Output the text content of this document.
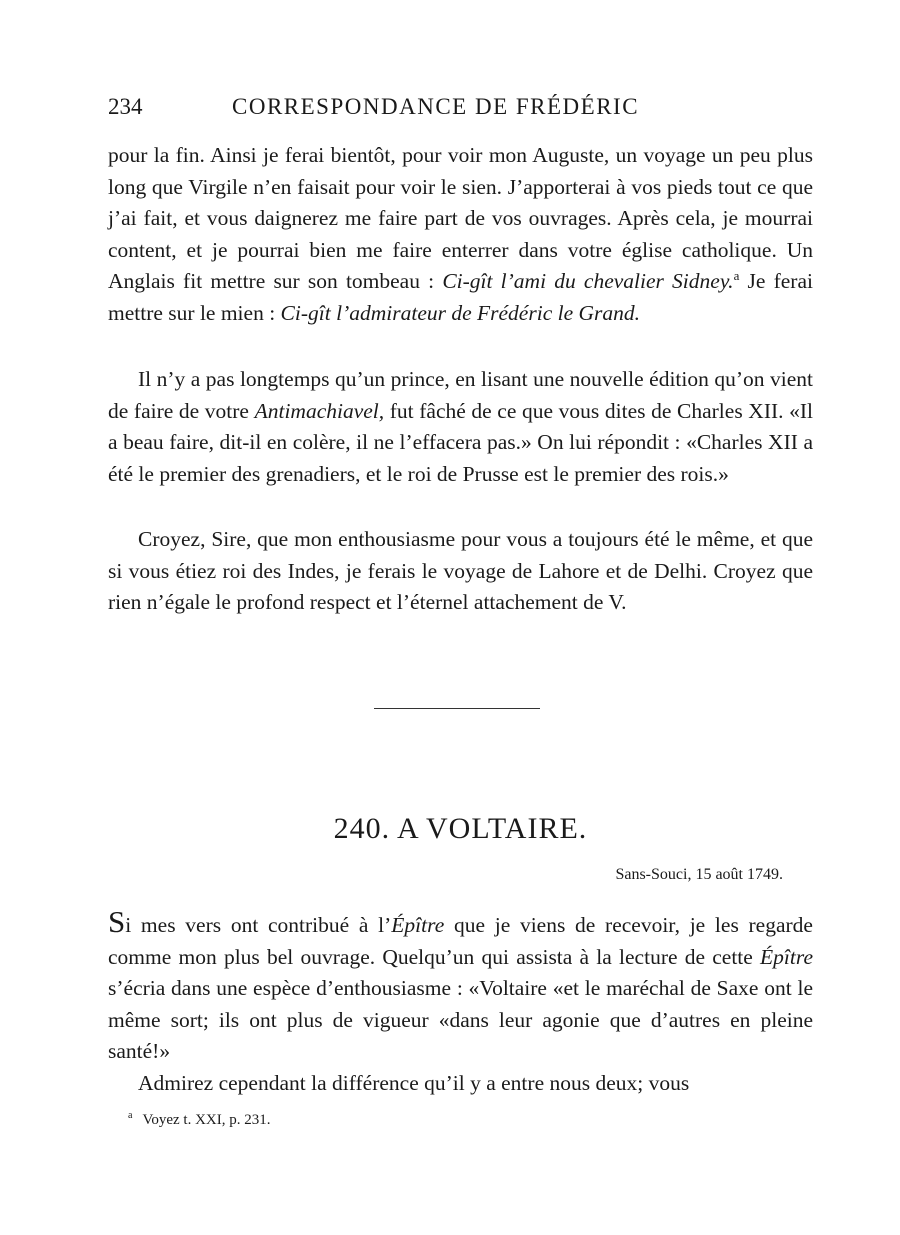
234	CORRESPONDANCE DE FRÉDÉRIC
pour la fin. Ainsi je ferai bientôt, pour voir mon Auguste, un voyage un peu plus long que Virgile n’en faisait pour voir le sien. J’apporterai à vos pieds tout ce que j’ai fait, et vous daignerez me faire part de vos ouvrages. Après cela, je mourrai content, et je pourrai bien me faire enterrer dans votre église catholique. Un Anglais fit mettre sur son tombeau : Ci-gît l’ami du chevalier Sidney.$^a$ Je ferai mettre sur le mien : Ci-gît l’admirateur de Frédéric le Grand.
Il n’y a pas longtemps qu’un prince, en lisant une nouvelle édition qu’on vient de faire de votre Antimachiavel, fut fâché de ce que vous dites de Charles XII. «Il a beau faire, dit-il en colère, il ne l’effacera pas.» On lui répondit : «Charles XII a été le premier des grenadiers, et le roi de Prusse est le premier des rois.»
Croyez, Sire, que mon enthousiasme pour vous a toujours été le même, et que si vous étiez roi des Indes, je ferais le voyage de Lahore et de Delhi. Croyez que rien n’égale le profond respect et l’éternel attachement de V.
240. A VOLTAIRE.
Sans-Souci, 15 août 1749.
Si mes vers ont contribué à l’Épître que je viens de recevoir, je les regarde comme mon plus bel ouvrage. Quelqu’un qui assista à la lecture de cette Épître s’écria dans une espèce d’enthousiasme : «Voltaire «et le maréchal de Saxe ont le même sort; ils ont plus de vigueur «dans leur agonie que d’autres en pleine santé!»
Admirez cependant la différence qu’il y a entre nous deux; vous
$^a$ Voyez t. XXI, p. 231.
